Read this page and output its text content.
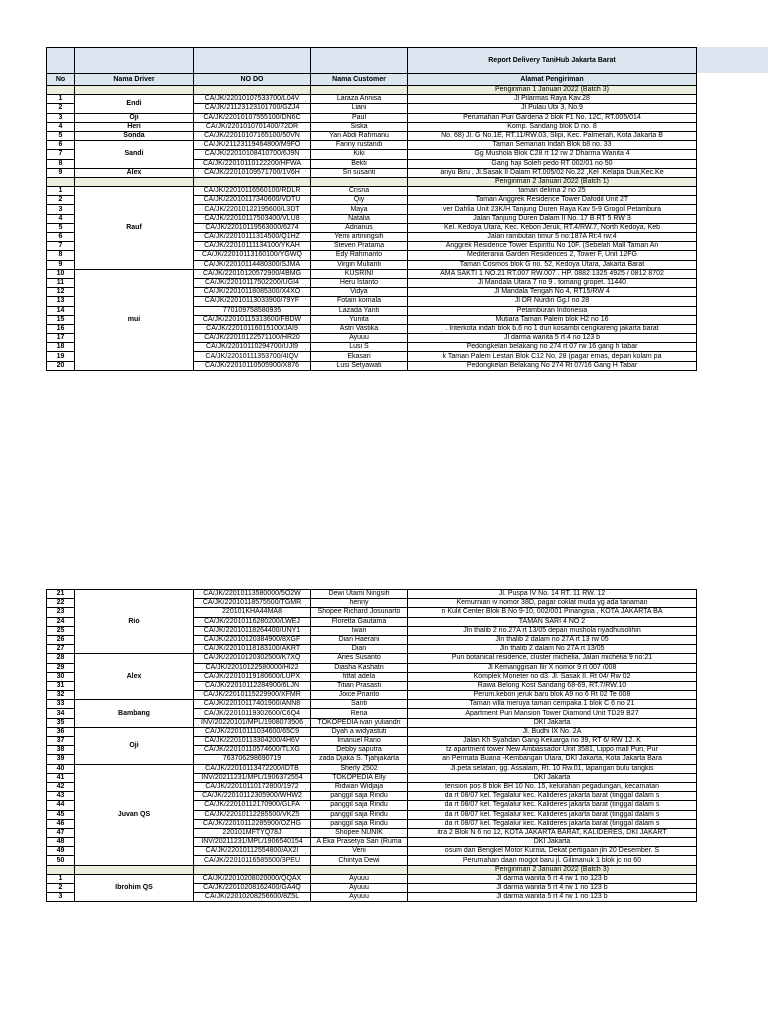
				Report Delivery TaniHub Jakarta Barat
No	Nama Driver	NO DO	Nama Customer	Alamat Pengiriman
				Pengiriman 1 Januari 2022 (Batch 3)
1	Endi	CA/JK/220101075337​00/L04V	Laraza Annisa	Jl Pilarmas Raya Kav.28
2		CA/JK/211231231017​00/GZJ4	Liani	Jl Pulau Ubi 3, No.9
3	Oji	CA/JK/220101075551​00/DN6C	Paul	Perumahan Puri Gardena 2 blok F1 No. 12C, RT.005/014
4	Heri	CA/JK/220101070140​0/72DR	Siska	Komp. Sandang blok D no. 8
5	Sonda	CA/JK/220101071651​00/50VN	Yan Abdi Rahmanu	No. 68) Jl. G No.1E, RT.11/RW.03, Slipi, Kec. Palmerah, Kota Jakarta B
6	Sandi	CA/JK/211231194648​00/M9FO	Fanny rustandi	Taman Semanan Indah Blok b8 no. 33
7		CA/JK/220101084107​00/6J9N	Kiki	Gg Mushola Blok C28 rt 12 rw 2 Dharma Wanita 4
8		CA/JK/220101101222​00/HFWA	Bekti	Gang haji Soleh pedo RT 002/01 no 50
9	Alex	CA/JK/220101095717​00/1V6H	Sri susanti	anyu Biru , Jl.Sasak II Dalam RT.005/02 No.22 ,Kel .Kelapa Dua,Kec.Ke
				Pengiriman 2 Januari 2022 (Batch 1)
1	Rauf	CA/JK/220101165601​00/RDLR	Crisna	taman delima 2 no 25
2		CA/JK/220101173406​00/VDTU	Qiy	Taman Anggrek Residence Tower Dafodil Unit 2T
3		CA/JK/220101221956​00/L3DT	Maya	ver Dahlia Unit 23K/H Tanjung Duren Raya Kav 5-9 Grogol Petambura
4		CA/JK/220101175034​00/VLU8	Natalia	Jalan Tanjung Duren Dalam II No. 17 B RT 5 RW 3
5		CA/JK/220101195630​00/6274	Adrianus	Kel. Kedoya Utara, Kec. Kebon Jeruk, RT.4/RW.7, North Kedoya, Keb
6		CA/JK/220101113145​00/Q1HZ	Yemi artiningsih	Jalan rambutan timur 5 no:187A Rt:4 rw:4
7		CA/JK/220101111341​00/YKAH	Steven Pratama	Anggrek Residence Tower Espirittu No 10F. (Sebelah Mall Taman An
8		CA/JK/220101131601​00/YGWQ	Edy Rahmanto	Mediterania Garden Residences 2, Tower F, Unit 12FG
9		CA/JK/220101144803​00/SJMA	Virgin Mulianti	Taman Cosmos blok G no. 52, Kedoya Utara, Jakarta Barat
10	mui	CA/JK/220101205729​00/4BMG	KUSRINI	AMA SAKTI 1 NO.21 RT.007 RW.007 . HP. 0882 1325 4925 / 0812 8702
11		CA/JK/220101175022​00/UGI4	Heru Istanto	Jl Mandala Utara 7 no 9 . tomang gropet. 11440
12		CA/JK/220101180853​00/X4XO	Vidya	Jl Mandala Tengah No 4, RT15/RW 4
13		CA/JK/220101130339​00/79YF	Fotain komala	Jl DR Nurdin Gg.I no 28
14		770109758580935	Lazada Yanti	Petamburan Indonesia
15		CA/JK/220101153136​00/FBDW	Yunita	Mutiara Taman Palem blok H2 no 16
16		CA/JK/220101160151​00/JAI9	Astri Vastika	. Interkota indah blok b.6 no 1 duri kosambi cengkareng jakarta barat
17		CA/JK/220101225711​00/HR20	Ayuuu	Jl darma wanita 5 rt 4 no 123 b
18		CA/JK/220101102947​00/UJI9	Lusi S	Pedongkelan belakang no 274 rt 07 rw 16 gang h tabar
19		CA/JK/220101113537​00/4IQV	Ekasari	k Taman Palem Lestari Blok C12 No. 28 (pagar emas, depan kolam pa
20		CA/JK/220101105059​00/X876	Lusi Setyawati	Pedongkelan Belakang No 274 Rt 07/16 Gang H Tabar
21	Rio	CA/JK/220101135800​00/5O2W	Dewi Utami Ningsih	Jl. Puspa IV No. 14 RT. 11 RW. 12
22		CA/JK/220101185755​00/TGMR	henny	Kemurnian iv nomor 38D, pagar coklat muda yg ada tanaman
23		220101KHA44MA8	Shopee Richard Josunarto	n Kulit Center Blok B No 9-10, 002/001 Pinangsia , KOTA JAKARTA BA
24		CA/JK/220101162802​00/LWEJ	Floretta Gautama	TAMAN SARI 4 NO 2
25		CA/JK/220101182644​00/UNY1	Iwan	Jln thalib 2 no.27A rt 13/05 depan mushola riyadhusolihin
26		CA/JK/220101203849​00/8XGF	Dian Haerani	Jln thalib 2 dalam no 27A rt 13 rw 05
27		CA/JK/220101181831​00/AKRT	Dian	Jln thalib 2 dalam No 27A rt 13/05
28	Alex	CA/JK/220101203025​00/K7XQ	Aries Susanto	Puri botanical residence, cluster michelia. Jalan michelia 9 no:21
29		CA/JK/220101225800​00/HI22	Diasha Kashatri	Jl Kemanggisan Ilir X nomor 9 rt 007 /008
30		CA/JK/220101191806​00/LUPX	fitfat adela	Komplek Moneter no d3. Jl. Sasak II. Rt 04/ Rw 02
31		CA/JK/220101122849​00/6LJN	Titian Prasasti	Rawa Belong Kost Sandang 68-69, RT.7/RW.10
32		CA/JK/220101152299​00/XFMR	Joice Prianto	Perum.kebon jeruk baru blok A9 no 6 Rt 02 Te 008
33	Bambang	CA/JK/220101174019​00/ANN8	Santi	Taman villa meruya taman cempaka 1 blok C 6 no 21
34		CA/JK/220101193026​00/C6Q4	Rena	Apartment Puri Mansion Tower Diamond Unit TD29 B27
35		INV/20220101/MPL/1908073506	TOKOPEDIA ivan yuliandri	DKI Jakarta
36	Oji	CA/JK/220101110346​00/65C9	Dyah a widyastuti	Jl. Budhi IX No. 2A
37		CA/JK/220101133042​00/4H6V	Imanuel Rano	Jalan Kh Syahdan Gang Keluarga no 39, RT 6/ RW 12. K
38		CA/JK/220101105746​00/TLXG	Debby saputra	tz apartment tower New Ambassador Unit 3581, Lippo mall Puri, Pur
39		763706298690719	zada Djaka S. Tjahjakarta	an Permata Buana -Kembangan Utara, DKI Jakarta, Kota Jakarta Bara
40	Juvan QS	CA/JK/220101134722​00/IDTB	Sherly 2502	Jl.peta selatan, gg. Assalam, Rt. 10 Rw.01, lapangan bulu tangkis
41		INV/20211231/MPL/1906372554	TOKOPEDIA Elly	DKI Jakarta
42		CA/JK/220101101728​00/1972	Ridwan Widjaja	tension pos 8 blok BH 10 No. 15, kelurahan pegadungan, kecamatan
43		CA/JK/220101123059​00/WHW2	panggil saja Rindu	da rt 08/07 kel. Tegalalur kec. Kalideres jakarta barat (tinggal dalam s
44		CA/JK/220101121709​00/GLFA	panggil saja Rindu	da rt 08/07 kel. Tegalalur kec. Kalideres jakarta barat (tinggal dalam s
45		CA/JK/220101122855​00/VKZ5	panggil saja Rindu	da rt 08/07 kel. Tegalalur kec. Kalideres jakarta barat (tinggal dalam s
46		CA/JK/220101122859​00/OZHG	panggil saja Rindu	da rt 08/07 kel. Tegalalur kec. Kalideres jakarta barat (tinggal dalam s
47		220101MFTYQ78J	Shopee NUNIK	itra 2 Blok N 6 no 12, KOTA JAKARTA BARAT, KALIDERES, DKI JAKART
48		INV/20211231/MPL/1906540154	A Eka Prasetya Sari (Ruma	DKI Jakarta
49		CA/JK/220101125548​00/AX2I	Veni	osum dan Bengkel Motor Kurnia, Dekat pertigaan jln 20 Desember. S
50		CA/JK/220101165855​00/3PEU	Chintya Dewi	Perumahan daan mogot baru jl. Gilimanuk 1 blok jc no 60
				Pengiriman 2 Januari 2022 (Batch 3)
1	Ibrohim QS	CA/JK/220102080200​00/QQAX	Ayuuu	Jl darma wanita 5 rt 4 rw 1 no 123 b
2		CA/JK/220102081624​00/GA4Q	Ayuuu	Jl darma wanita 5 rt 4 rw 1 no 123 b
3		CA/JK/220102082566​00/8Z5L	Ayuuu	Jl darma wanita 5 rt 4 rw 1 no 123 b
